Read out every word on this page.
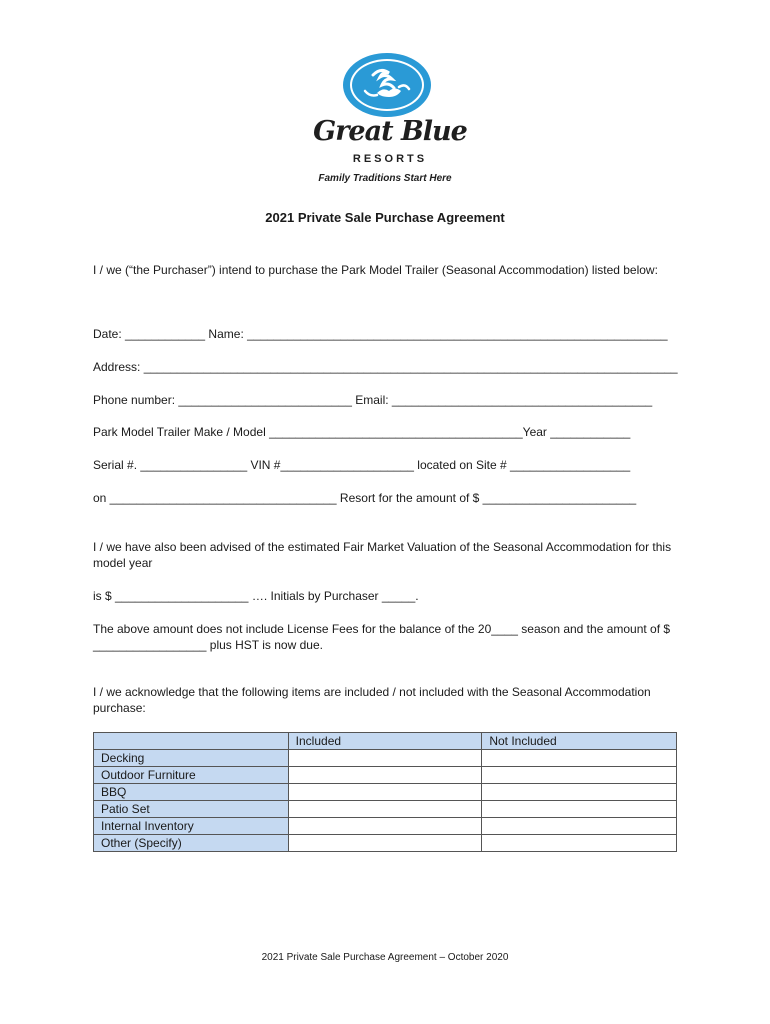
Great Blue
RESORTS
Family Traditions Start Here
2021 Private Sale Purchase Agreement
I / we (“the Purchaser”) intend to purchase the Park Model Trailer (Seasonal Accommodation) listed below:
Date: ____________ Name: _______________________________________________________________
Address: ________________________________________________________________________________
Phone number: __________________________ Email: _______________________________________
Park Model Trailer Make / Model ______________________________________Year ____________
Serial #. ________________ VIN #____________________ located on Site # __________________
on __________________________________ Resort for the amount of $ _______________________
I / we have also been advised of the estimated Fair Market Valuation of the Seasonal Accommodation for this model year
is $ ____________________ …. Initials by Purchaser _____.
The above amount does not include License Fees for the balance of the 20____ season and the amount of $ _________________ plus HST is now due.
I / we acknowledge that the following items are included / not included with the Seasonal Accommodation purchase:
	Included	Not Included
Decking		
Outdoor Furniture		
BBQ		
Patio Set		
Internal Inventory		
Other (Specify)		
2021 Private Sale Purchase Agreement – October 2020
